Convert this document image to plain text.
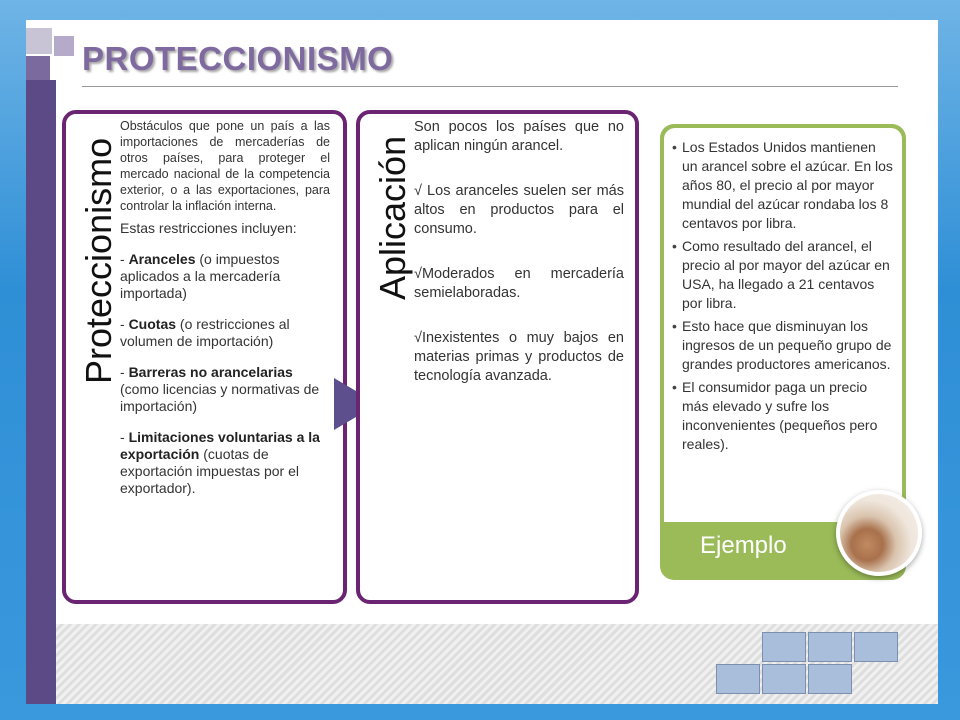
PROTECCIONISMO
Proteccionismo

Obstáculos que pone un país a las importaciones de mercaderías de otros países, para proteger el mercado nacional de la competencia exterior, o a las exportaciones, para controlar la inflación interna.

Estas restricciones incluyen:

- Aranceles (o impuestos aplicados a la mercadería importada)

- Cuotas (o restricciones al volumen de importación)

- Barreras no arancelarias (como licencias y normativas de importación)

- Limitaciones voluntarias a la exportación (cuotas de exportación impuestas por el exportador).

Aplicación

Son pocos los países que no aplican ningún arancel.

√ Los aranceles suelen ser más altos en productos para el consumo.

√Moderados en mercadería semielaboradas.

√Inexistentes o muy bajos en materias primas y productos de tecnología avanzada.

• Los Estados Unidos mantienen un arancel sobre el azúcar. En los años 80, el precio al por mayor mundial del azúcar rondaba los 8 centavos por libra.
• Como resultado del arancel, el precio al por mayor del azúcar en USA, ha llegado a 21 centavos por libra.
• Esto hace que disminuyan los ingresos de un pequeño grupo de grandes productores americanos.
• El consumidor paga un precio más elevado y sufre los inconvenientes (pequeños pero reales).
Ejemplo
